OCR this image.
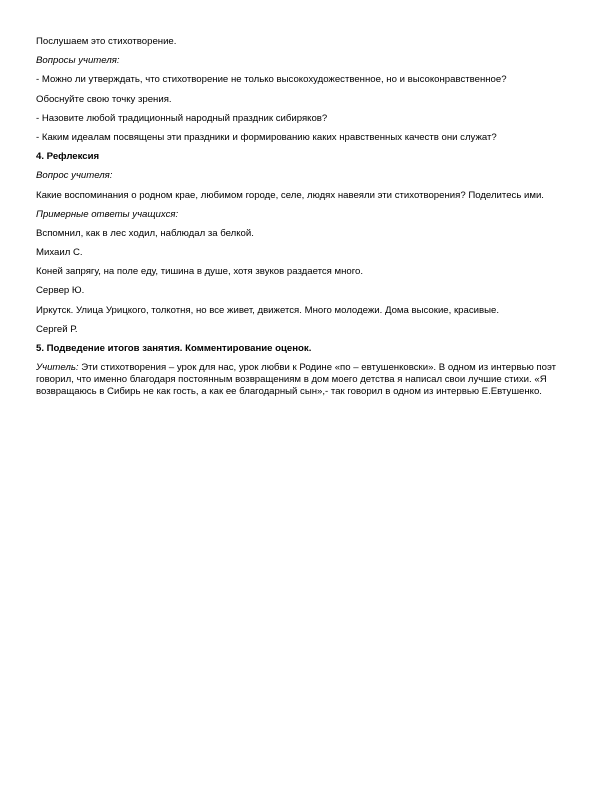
Послушаем это стихотворение.
Вопросы учителя:
- Можно ли утверждать, что стихотворение не только высокохудожественное, но и высоконравственное?
Обоснуйте свою точку зрения.
- Назовите любой традиционный народный праздник сибиряков?
- Каким идеалам посвящены эти праздники и формированию каких нравственных качеств они служат?
4. Рефлексия
Вопрос учителя:
Какие воспоминания о родном крае, любимом городе, селе, людях навеяли эти стихотворения? Поделитесь ими.
Примерные ответы учащихся:
Вспомнил, как в лес ходил, наблюдал за белкой.
Михаил С.
Коней запрягу, на поле еду, тишина в душе, хотя звуков раздается много.
Сервер Ю.
Иркутск. Улица Урицкого, толкотня, но все живет, движется. Много молодежи. Дома высокие, красивые.
Сергей Р.
5. Подведение итогов занятия. Комментирование оценок.
Учитель: Эти стихотворения – урок для нас, урок любви к Родине «по – евтушенковски». В одном из интервью поэт говорил, что именно благодаря постоянным возвращениям в дом моего детства я написал свои лучшие стихи. «Я возвращаюсь в Сибирь не как гость, а как ее благодарный сын»,- так говорил в одном из интервью Е.Евтушенко.
